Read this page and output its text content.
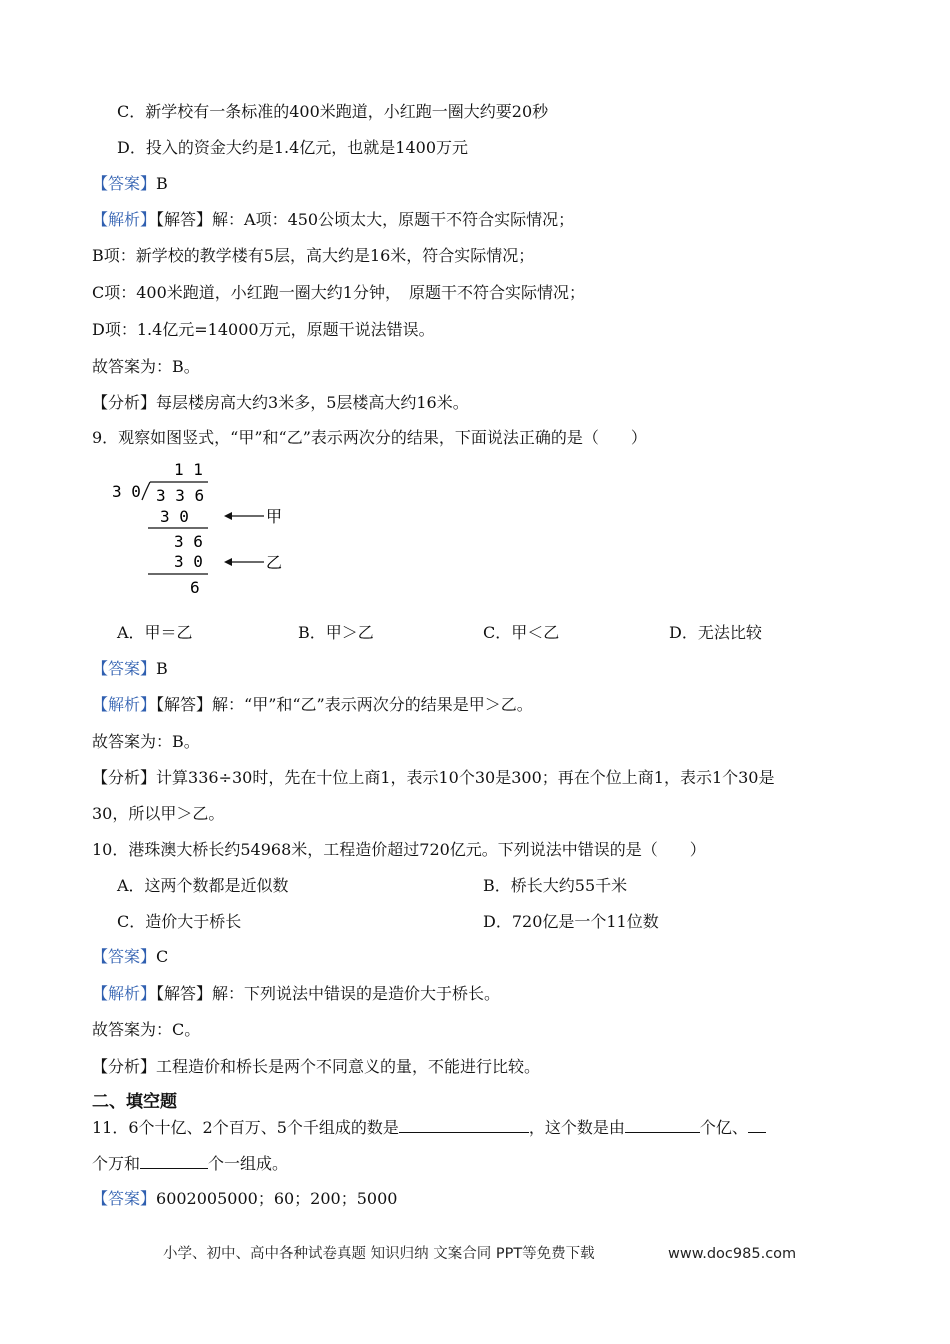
C．新学校有一条标准的400米跑道，小红跑一圈大约要20秒
D．投入的资金大约是1.4亿元，也就是1400万元
【答案】B
【解析】【解答】解：A项：450公顷太大，原题干不符合实际情况；
B项：新学校的教学楼有5层，高大约是16米，符合实际情况；
C项：400米跑道，小红跑一圈大约1分钟，　原题干不符合实际情况；
D项：1.4亿元=14000万元，原题干说法错误。
故答案为：B。
【分析】每层楼房高大约3米多，5层楼高大约16米。
9．观察如图竖式，“甲”和“乙”表示两次分的结果，下面说法正确的是（　　）
1 1
3 0 3 3 6
3 0
3 6
3 0
6
甲
乙
A．甲＝乙	B．甲＞乙	C．甲＜乙	D．无法比较
【答案】B
【解析】【解答】解：“甲”和“乙”表示两次分的结果是甲＞乙。
故答案为：B。
【分析】计算336÷30时，先在十位上商1，表示10个30是300；再在个位上商1，表示1个30是
30，所以甲＞乙。
10．港珠澳大桥长约54968米，工程造价超过720亿元。下列说法中错误的是（　　）
A．这两个数都是近似数	B．桥长大约55千米
C．造价大于桥长	D．720亿是一个11位数
【答案】C
【解析】【解答】解：下列说法中错误的是造价大于桥长。
故答案为：C。
【分析】工程造价和桥长是两个不同意义的量，不能进行比较。
二、填空题
11．6个十亿、2个百万、5个千组成的数是	，这个数是由	个亿、
个万和	个一组成。
【答案】6002005000；60；200；5000
小学、初中、高中各种试卷真题 知识归纳 文案合同 PPT等免费下载	www.doc985.com
